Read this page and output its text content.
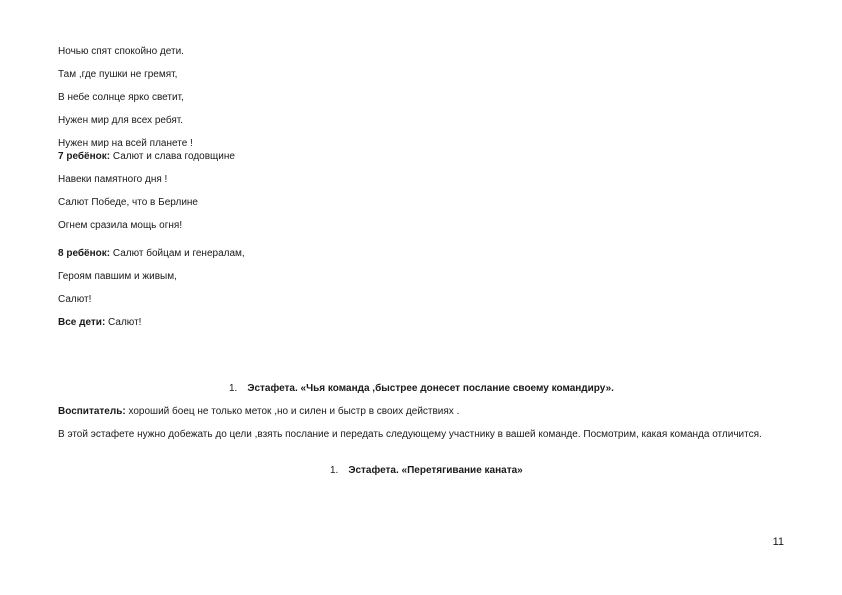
Ночью спят спокойно дети.
Там ,где пушки не гремят,
В небе солнце ярко светит,
Нужен мир для всех ребят.
Нужен мир на всей планете !
7 ребёнок: Салют и слава годовщине
Навеки памятного дня !
Салют Победе, что в Берлине
Огнем сразила мощь огня!
8 ребёнок: Салют бойцам и генералам,
Героям павшим и живым,
Салют!
Все дети: Салют!
1. Эстафета. «Чья команда ,быстрее донесет послание своему командиру».
Воспитатель: хороший боец не только меток ,но и силен и быстр в своих действиях .
В этой эстафете нужно добежать до цели ,взять послание и передать следующему участнику в вашей команде. Посмотрим, какая команда отличится.
1. Эстафета. «Перетягивание каната»
11
